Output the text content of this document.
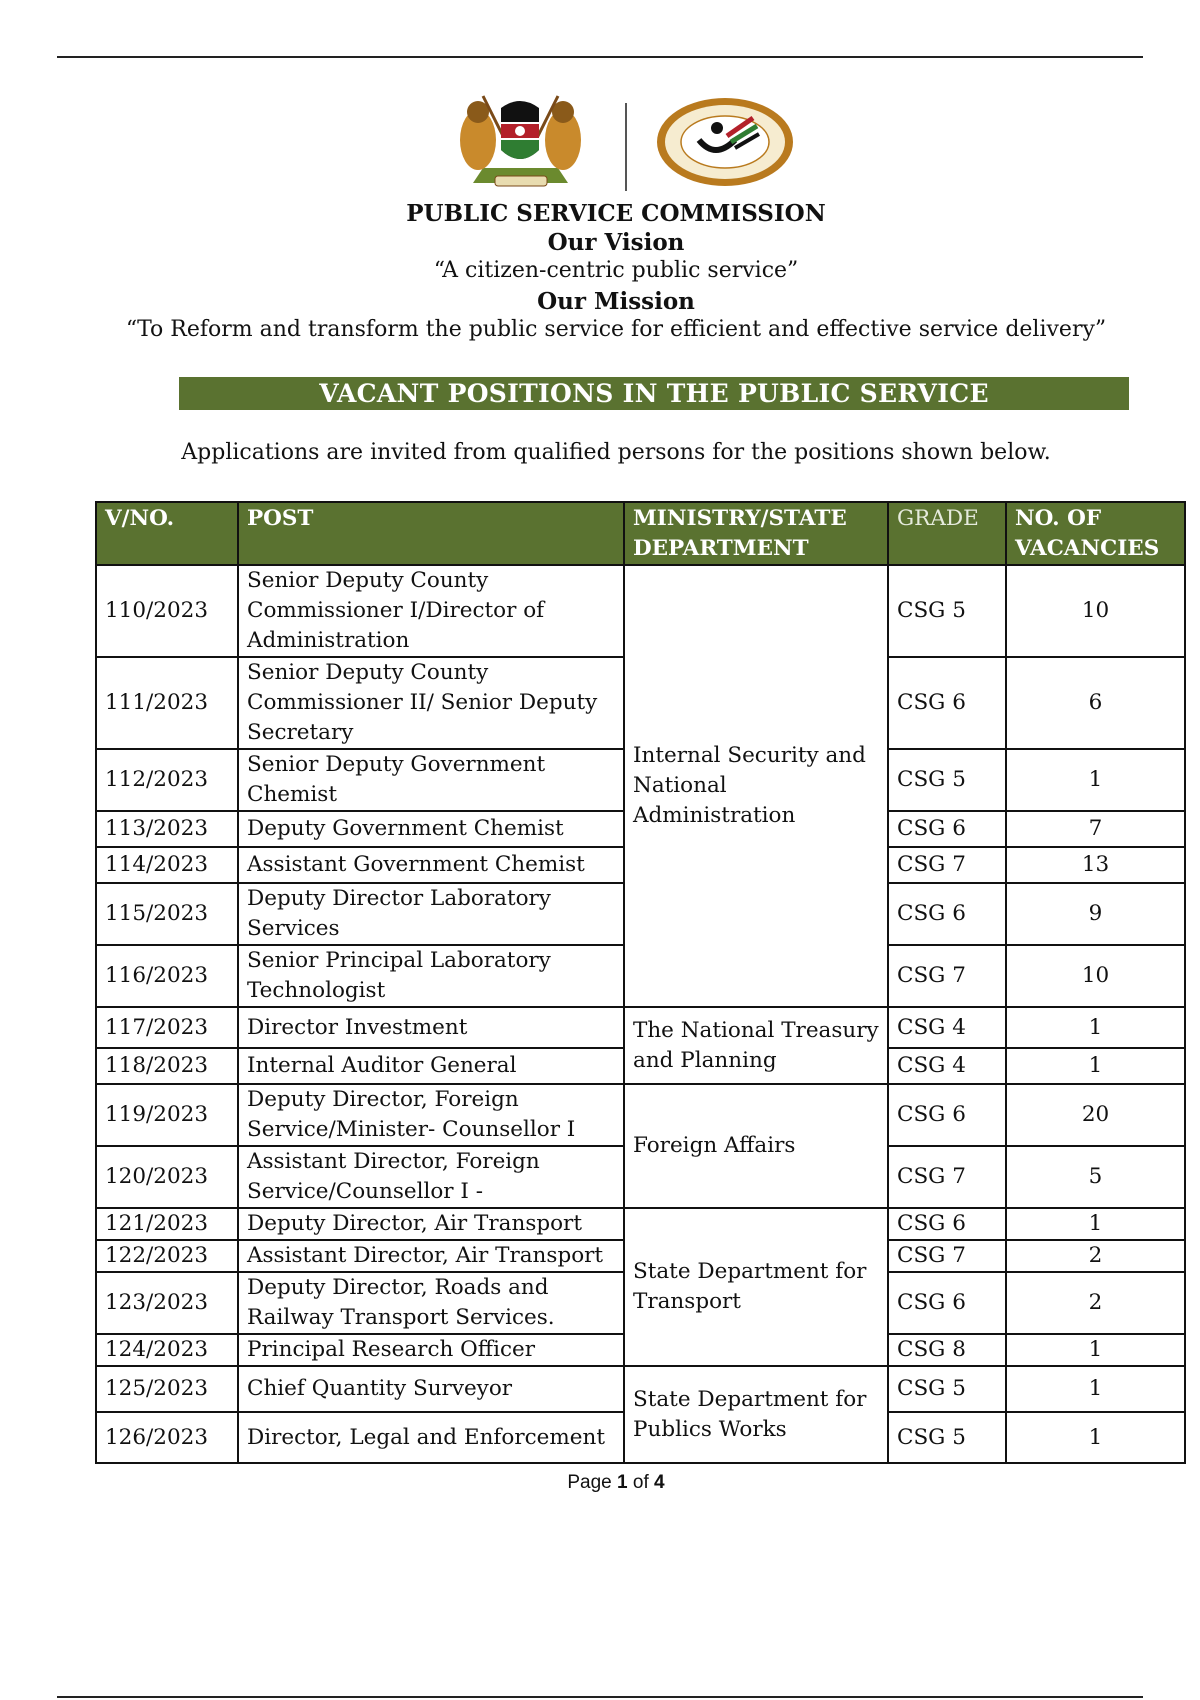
PUBLIC SERVICE COMMISSION
Our Vision
“A citizen-centric public service”
Our Mission
“To Reform and transform the public service for efficient and effective service delivery”
VACANT POSITIONS IN THE PUBLIC SERVICE
Applications are invited from qualified persons for the positions shown below.
V/NO.	POST	MINISTRY/STATE DEPARTMENT	GRADE	NO. OF VACANCIES
110/2023	Senior Deputy County Commissioner I/Director of Administration	Internal Security and National Administration	CSG 5	10
111/2023	Senior Deputy County Commissioner II/ Senior Deputy Secretary		CSG 6	6
112/2023	Senior Deputy Government Chemist		CSG 5	1
113/2023	Deputy Government Chemist		CSG 6	7
114/2023	Assistant Government Chemist		CSG 7	13
115/2023	Deputy Director Laboratory Services		CSG 6	9
116/2023	Senior Principal Laboratory Technologist		CSG 7	10
117/2023	Director Investment	The National Treasury and Planning	CSG 4	1
118/2023	Internal Auditor General		CSG 4	1
119/2023	Deputy Director, Foreign Service/Minister- Counsellor I	Foreign Affairs	CSG 6	20
120/2023	Assistant Director, Foreign Service/Counsellor I -		CSG 7	5
121/2023	Deputy Director, Air Transport	State Department for Transport	CSG 6	1
122/2023	Assistant Director, Air Transport		CSG 7	2
123/2023	Deputy Director, Roads and Railway Transport Services.		CSG 6	2
124/2023	Principal Research Officer		CSG 8	1
125/2023	Chief Quantity Surveyor	State Department for Publics Works	CSG 5	1
126/2023	Director, Legal and Enforcement		CSG 5	1
Page 1 of 4
